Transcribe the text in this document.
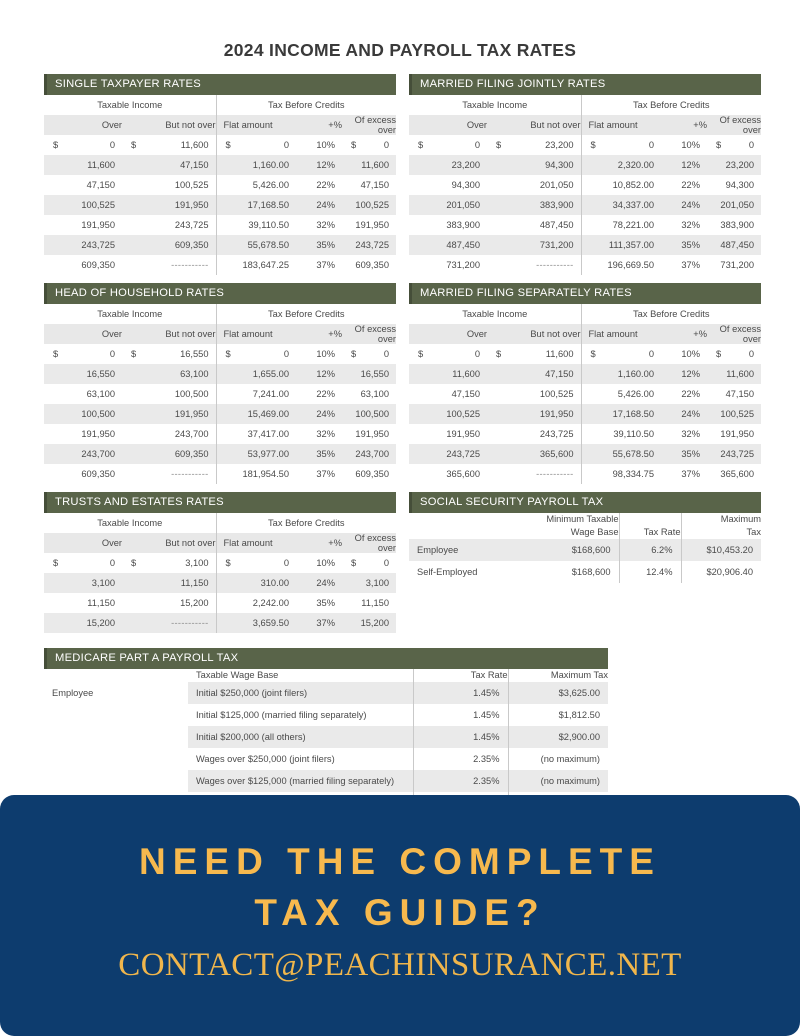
2024 INCOME AND PAYROLL TAX RATES
SINGLE TAXPAYER RATES
Taxable Income		Tax Before Credits		
Over	But not over	Flat amount	+%	Of excess over

$ 0	$ 11,600	$ 0	10%	$ 0

11,600	47,150	1,160.00	12%	11,600
47,150	100,525	5,426.00	22%	47,150
100,525	191,950	17,168.50	24%	100,525
191,950	243,725	39,110.50	32%	191,950
243,725	609,350	55,678.50	35%	243,725
609,350	-----------	183,647.25	37%	609,350
MARRIED FILING JOINTLY RATES
Taxable Income		Tax Before Credits		
Over	But not over	Flat amount	+%	Of excess over

$ 0	$ 23,200	$ 0	10%	$ 0

23,200	94,300	2,320.00	12%	23,200
94,300	201,050	10,852.00	22%	94,300
201,050	383,900	34,337.00	24%	201,050
383,900	487,450	78,221.00	32%	383,900
487,450	731,200	111,357.00	35%	487,450
731,200	-----------	196,669.50	37%	731,200
HEAD OF HOUSEHOLD RATES
Taxable Income		Tax Before Credits		
Over	But not over	Flat amount	+%	Of excess over

$ 0	$ 16,550	$ 0	10%	$ 0

16,550	63,100	1,655.00	12%	16,550
63,100	100,500	7,241.00	22%	63,100
100,500	191,950	15,469.00	24%	100,500
191,950	243,700	37,417.00	32%	191,950
243,700	609,350	53,977.00	35%	243,700
609,350	-----------	181,954.50	37%	609,350
MARRIED FILING SEPARATELY RATES
Taxable Income		Tax Before Credits		
Over	But not over	Flat amount	+%	Of excess over

$ 0	$ 11,600	$ 0	10%	$ 0

11,600	47,150	1,160.00	12%	11,600
47,150	100,525	5,426.00	22%	47,150
100,525	191,950	17,168.50	24%	100,525
191,950	243,725	39,110.50	32%	191,950
243,725	365,600	55,678.50	35%	243,725
365,600	-----------	98,334.75	37%	365,600
TRUSTS AND ESTATES RATES
Taxable Income		Tax Before Credits		
Over	But not over	Flat amount	+%	Of excess over

$ 0	$ 3,100	$ 0	10%	$ 0

3,100	11,150	310.00	24%	3,100
11,150	15,200	2,242.00	35%	11,150
15,200	-----------	3,659.50	37%	15,200
SOCIAL SECURITY PAYROLL TAX

Minimum Taxable
Wage Base	Tax Rate	
Maximum
Tax

Employee	$168,600	6.2%	$10,453.20
Self-Employed	$168,600	12.4%	$20,906.40
MEDICARE PART A PAYROLL TAX
	Taxable Wage Base	Tax Rate	Maximum Tax
Employee	Initial $250,000 (joint filers)	1.45%	$3,625.00
	Initial $125,000 (married filing separately)	1.45%	$1,812.50
	Initial $200,000 (all others)	1.45%	$2,900.00
	Wages over $250,000 (joint filers)	2.35%	(no maximum)
	Wages over $125,000 (married filing separately)	2.35%	(no maximum)

NEED THE COMPLETE
TAX GUIDE?
CONTACT@PEACHINSURANCE.NET
